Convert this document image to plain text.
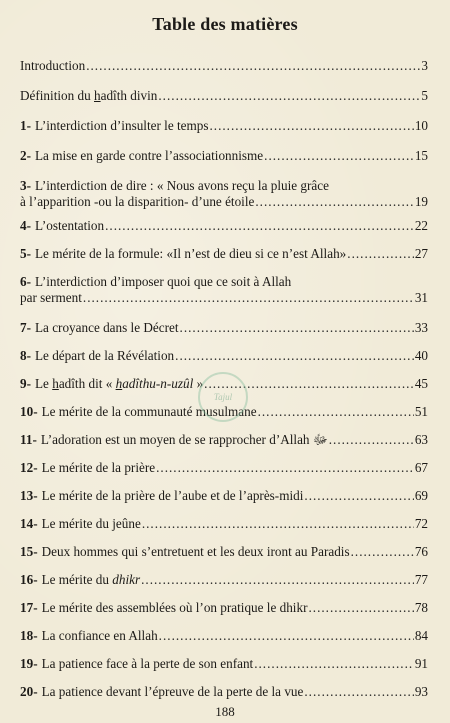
Table des matières
Introduction .....	3
Définition du hadîth divin .....	5
1- L’interdiction d’insulter le temps .....	10
2- La mise en garde contre l’associationnisme .....	15
3- L’interdiction de dire : « Nous avons reçu la pluie grâce
à l’apparition -ou la disparition- d’une étoile .....	19
4- L’ostentation .....	22
5- Le mérite de la formule: «Il n’est de dieu si ce n’est Allah» .....	27
6- L’interdiction d’imposer quoi que ce soit à Allah
par serment .....	31
7- La croyance dans le Décret .....	33
8- Le départ de la Révélation .....	40
9- Le hadîth dit « hadîthu-n-uzûl » .....	45
10- Le mérite de la communauté musulmane .....	51
11- L’adoration est un moyen de se rapprocher d’Allah ﷻ .....	63
12- Le mérite de la prière .....	67
13- Le mérite de la prière de l’aube et de l’après-midi .....	69
14- Le mérite du jeûne .....	72
15- Deux hommes qui s’entretuent et les deux iront au Paradis .....	76
16- Le mérite du dhikr .....	77
17- Le mérite des assemblées où l’on pratique le dhikr .....	78
18- La confiance en Allah .....	84
19- La patience face à la perte de son enfant .....	91
20- La patience devant l’épreuve de la perte de la vue .....	93
Tajul
188
